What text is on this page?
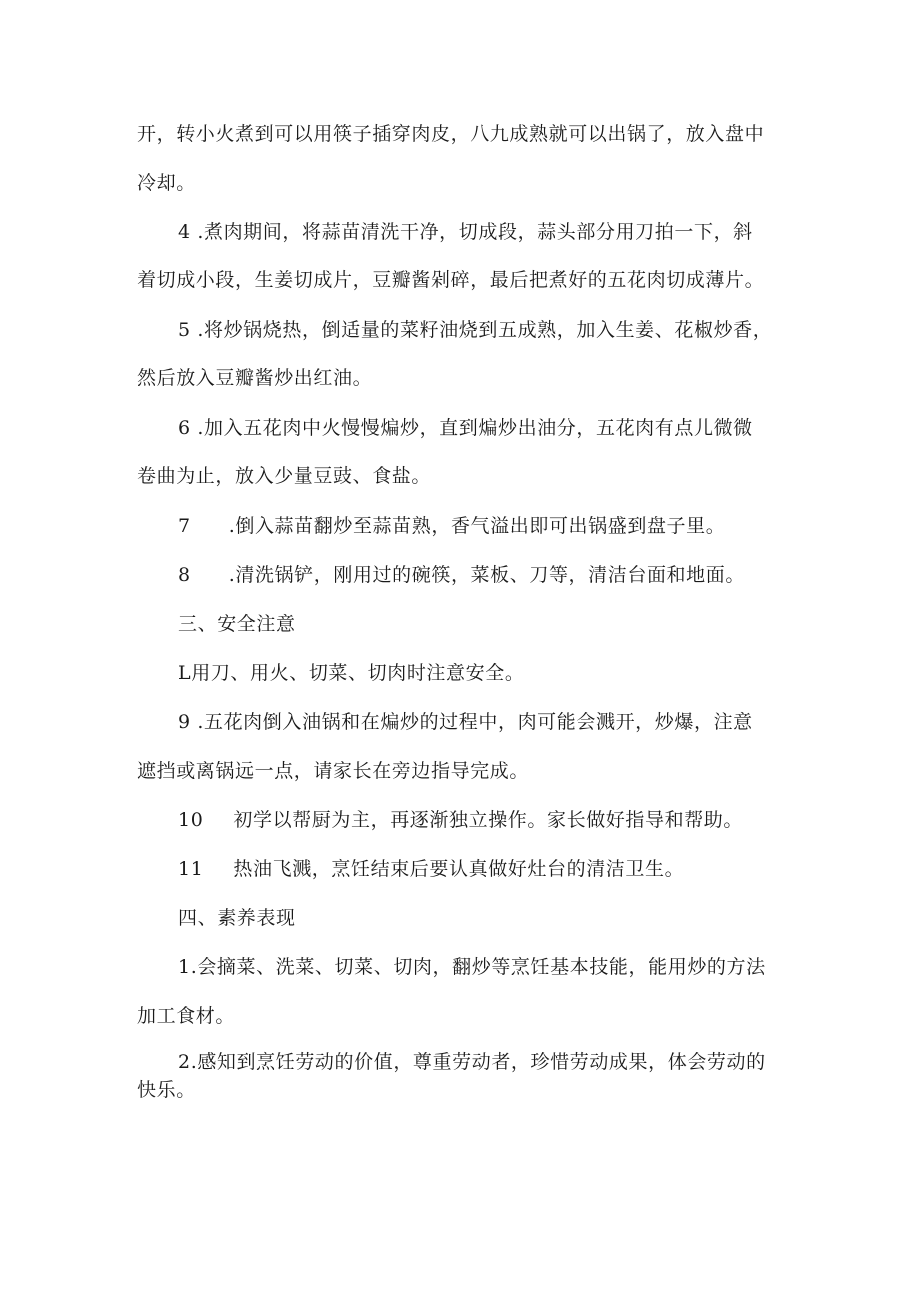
开，转小火煮到可以用筷子插穿肉皮，八九成熟就可以出锅了，放入盘中
冷却。
4 .煮肉期间，将蒜苗清洗干净，切成段，蒜头部分用刀拍一下，斜
着切成小段，生姜切成片，豆瓣酱剁碎，最后把煮好的五花肉切成薄片。
5 .将炒锅烧热，倒适量的菜籽油烧到五成熟，加入生姜、花椒炒香，
然后放入豆瓣酱炒出红油。
6 .加入五花肉中火慢慢煸炒，直到煸炒出油分，五花肉有点儿微微
卷曲为止，放入少量豆豉、食盐。
7 .倒入蒜苗翻炒至蒜苗熟，香气溢出即可出锅盛到盘子里。
8 .清洗锅铲，刚用过的碗筷，菜板、刀等，清洁台面和地面。
三、安全注意
L用刀、用火、切菜、切肉时注意安全。
9 .五花肉倒入油锅和在煸炒的过程中，肉可能会溅开，炒爆，注意
遮挡或离锅远一点，请家长在旁边指导完成。
10 初学以帮厨为主，再逐渐独立操作。家长做好指导和帮助。
11 热油飞溅，烹饪结束后要认真做好灶台的清洁卫生。
四、素养表现
1.会摘菜、洗菜、切菜、切肉，翻炒等烹饪基本技能，能用炒的方法
加工食材。
2.感知到烹饪劳动的价值，尊重劳动者，珍惜劳动成果，体会劳动的
快乐。
